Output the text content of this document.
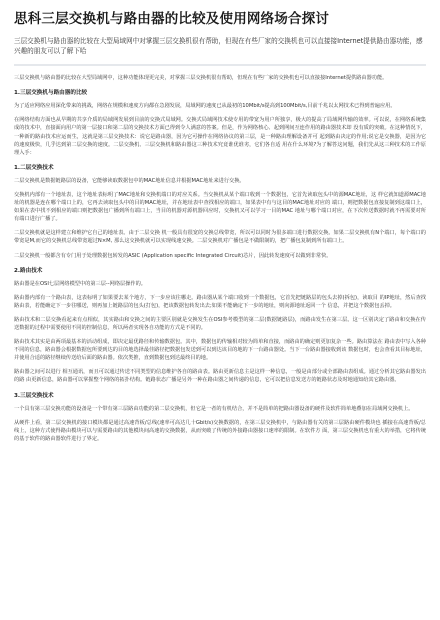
思科三层交换机与路由器的比较及使用网络场合探讨
三层交换机与路由器的比较在大型局域网中对掌握三层交换机很有帮助，但现在有些厂家的交换机也可以直接接Internet提供路由器功能，感兴趣的朋友可以了解下哈

三层交换机与路由器的比较在大型局域网中，这种功能体现更完美，对掌握三层交换机很有帮助，但现在有些厂家的交换机也可以直接接Internet提供路由器功能。

1.三层交换机与路由器的比较

为了适应网络应用深化带来的挑战，网络在规模和速度方向都在急剧发展，局域网的速度已从最初的10Mbit/s提高到100Mbit/s,目前千兆以太网技术已得到普遍应用。

在网络结构方面也从早期的共享介质的局域网发展到目前的交换式局域网。交换式局域网技术使专用的带宽为用户所独享，极大的提高了局域网传输的效率。可以说，在网络系统集成的技术中，直接面向用户的第一层接口和第二层的交换技术方面已得到令人满意的答案。但是，作为网络核心、起到网间互连作用的路由器技术却 没有质的突破。在这种情况下，一种新的路由技术应运而生，这就是第三层交换技术：说它是路由器，因为它可操作在网络协议的第三层，是一种路由理解设备并可 起到路由决定的作用;说它是交换器，是因为它的速度极快，几乎达到第二层交换的速度。二层交换机、三层交换机和路由器这三种技术究竟谁优谁劣，它们各自适 用在什么环境?为了解答这问题，我们先从这三种技术的工作原理入手：

1.二层交换技术

二层交换机是数据链路层的设备，它能够读取数据包中的MAC地址信息并根据MAC地址来进行交换。

交换机内部有一个地址表，这个地址表标明了MAC地址和交换机端口的对应关系。当交换机从某个端口收到一个数据包，它首先读取包头中的源MAC地址，这 样它就知道源MAC地址的机器是连在哪个端口上的，它再去读取包头中的目的MAC地址，并在地址表中查找相应的端口，如果表中有与这目的MAC地址对应的 端口，则把数据包直接复制到这端口上，如果在表中找不到相应的端口则把数据包广播到所有端口上，当目的机器对源机器回应时，交换机又可以学习一目的MAC 地址与哪个端口对应，在下次传送数据时就不再需要对所有端口进行广播了。

二层交换机就是这样建立和维护它自己的地址表。由于二层交换 机一般具有很宽的交换总线带宽，所以可以同时为很多端口进行数据交换。如果二层交换机有N个端口，每个端口的带宽是M,而它的交换机总线带宽超过N×M, 那么这交换机就可以实现线速交换。二层交换机对广播包是不做限制的，把广播包复制到所有端口上。

二层交换机一般都含有专门用于处理数据包转发的ASIC (Application specific Integrated Circuit)芯片，因此转发速度可以做到非常快。

2.路由技术

路由器是在OSI七层网络模型中的第三层--网络层操作的。

路由器内部有一个路由表，这表标明了如果要去某个地方，下一步应该往哪走。路由器从某个端口收到一个数据包，它首先把链路层的包头去掉(拆包)，读取目 的IP地址，然后查找路由表，若能确定下一步往哪送，则再加上链路层的包头(打包)，把该数据包转发出去;如果不能确定下一步的地址，则向源地址返回一个 信息，并把这个数据包丢掉。

路由技术和二层交换看起来有点相似，其实路由和交换之间的主要区别就是交换发生在OSI参考模型的第二层(数据链路层)，而路由发生在第三层。这一区别决定了路由和交换在传送数据的过程中需要使用不同的控制信息，所以两者实现各自功能的方式是不同的。

路由技术其实是由两项最基本的活动组成，即决定最优路径和传输数据包。其中，数据包的传输相对较为简单和直接，而路由的确定则更加复杂一些。路由算法在 路由表中写入各种不同的信息，路由器会根据数据包所要到达的目的地选择最佳路径把数据包发送到可以到达该目的地的下一台路由器处。当下一台路由器接收到该 数据包时，也会查看其目标地址，并使用合适的路径继续传送给后面的路由器。依次类推，直到数据包到达最终目的地。

路由器之间可以进行 相互通讯，而且可以通过传送不同类型的信息维护各自的路由表。路由更新信息主是这样一种信息，一般是由部分或全部路由表组成。通过分析其它路由器发出的路 由更新信息，路由器可以掌握整个网络的拓扑结构。链路状态广播是另外一种在路由器之间传递的信息，它可以把信息发送方的链路状态及时地通知给其它路由器。

3.三层交换技术

一个具有第三层交换功能的设备是一个带有第三层路由功能的第二层交换机，但它是一者的有机结合，并不是简单的把路由器设备的硬件及软件简单地叠加在局域网交换机上。

从硬件上看，第二层交换机的接口模块都是通过高速背板/总线(速率可高达几十Gbit/s)交换数据的，在第三层交换机中，与路由器有关的第三层路由硬件模块也 插接在高速背板/总线上，这种方式使得路由模块可以与需要路由的其他模块间高速的交换数据，从而突破了传统的外接路由器接口速率的限制。在软件方 面，第三层交换机也有重大的举措，它将传统的基于软件的路由器软件进行了界定。
